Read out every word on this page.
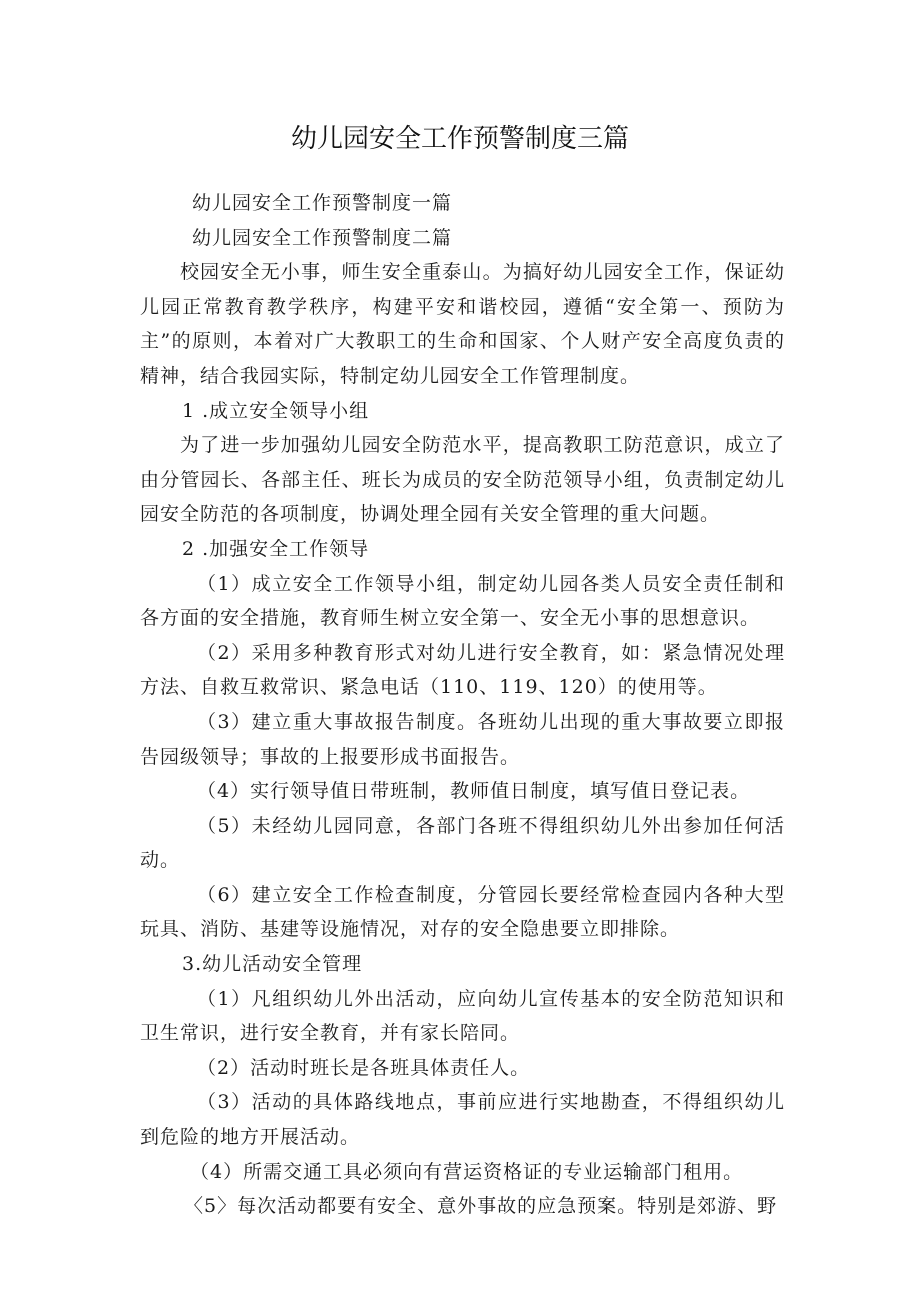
幼儿园安全工作预警制度三篇

幼儿园安全工作预警制度一篇

幼儿园安全工作预警制度二篇

校园安全无小事，师生安全重泰山。为搞好幼儿园安全工作，保证幼儿园正常教育教学秩序，构建平安和谐校园，遵循“安全第一、预防为主”的原则，本着对广大教职工的生命和国家、个人财产安全高度负责的精神，结合我园实际，特制定幼儿园安全工作管理制度。

1 .成立安全领导小组

为了进一步加强幼儿园安全防范水平，提高教职工防范意识，成立了由分管园长、各部主任、班长为成员的安全防范领导小组，负责制定幼儿园安全防范的各项制度，协调处理全园有关安全管理的重大问题。

2 .加强安全工作领导

（1）成立安全工作领导小组，制定幼儿园各类人员安全责任制和各方面的安全措施，教育师生树立安全第一、安全无小事的思想意识。

（2）采用多种教育形式对幼儿进行安全教育，如：紧急情况处理方法、自救互救常识、紧急电话（110、119、120）的使用等。

（3）建立重大事故报告制度。各班幼儿出现的重大事故要立即报告园级领导；事故的上报要形成书面报告。

（4）实行领导值日带班制，教师值日制度，填写值日登记表。

（5）未经幼儿园同意，各部门各班不得组织幼儿外出参加任何活动。

（6）建立安全工作检查制度，分管园长要经常检查园内各种大型玩具、消防、基建等设施情况，对存的安全隐患要立即排除。

3.幼儿活动安全管理

（1）凡组织幼儿外出活动，应向幼儿宣传基本的安全防范知识和卫生常识，进行安全教育，并有家长陪同。

（2）活动时班长是各班具体责任人。

（3）活动的具体路线地点，事前应进行实地勘查，不得组织幼儿到危险的地方开展活动。

（4）所需交通工具必须向有营运资格证的专业运输部门租用。

〈5〉每次活动都要有安全、意外事故的应急预案。特别是郊游、野
